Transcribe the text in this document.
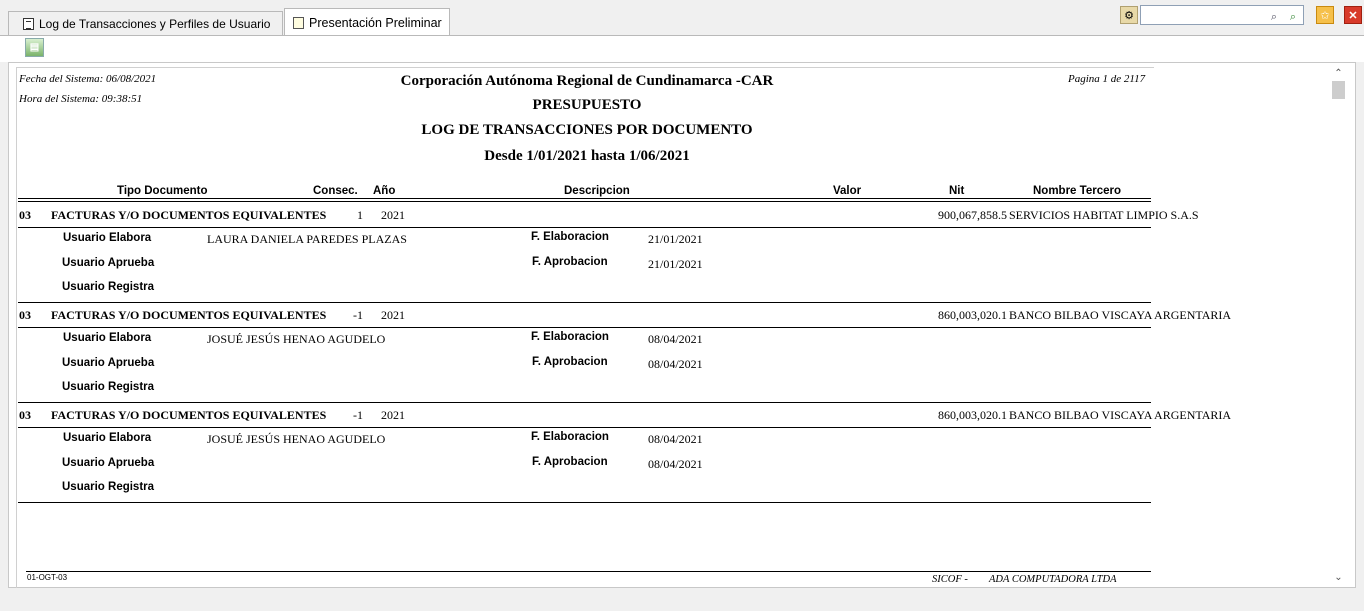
Log de Transacciones y Perfiles de Usuario	Presentación Preliminar	⚙	⌕	⌕	✩	✕
▤
Fecha del Sistema: 06/08/2021
Hora del Sistema: 09:38:51
Pagina 1 de 2117
Corporación Autónoma Regional de Cundinamarca -CAR
PRESUPUESTO
LOG DE TRANSACCIONES POR DOCUMENTO
Desde 1/01/2021 hasta 1/06/2021
Tipo Documento	Consec. Año	Descripcion	Valor	Nit	Nombre Tercero
03 FACTURAS Y/O DOCUMENTOS EQUIVALENTES	1 2021	900,067,858.5 SERVICIOS HABITAT LIMPIO S.A.S
Usuario Elabora	LAURA DANIELA PAREDES PLAZAS	F. Elaboracion	21/01/2021
Usuario Aprueba	F. Aprobacion	21/01/2021
Usuario Registra
03 FACTURAS Y/O DOCUMENTOS EQUIVALENTES	-1 2021	860,003,020.1 BANCO BILBAO VISCAYA ARGENTARIA
Usuario Elabora	JOSUÉ JESÚS HENAO AGUDELO	F. Elaboracion	08/04/2021
Usuario Aprueba	F. Aprobacion	08/04/2021
Usuario Registra
03 FACTURAS Y/O DOCUMENTOS EQUIVALENTES	-1 2021	860,003,020.1 BANCO BILBAO VISCAYA ARGENTARIA
Usuario Elabora	JOSUÉ JESÚS HENAO AGUDELO	F. Elaboracion	08/04/2021
Usuario Aprueba	F. Aprobacion	08/04/2021
Usuario Registra
01-OGT-03	SICOF - ADA COMPUTADORA LTDA
⌃
⌄
